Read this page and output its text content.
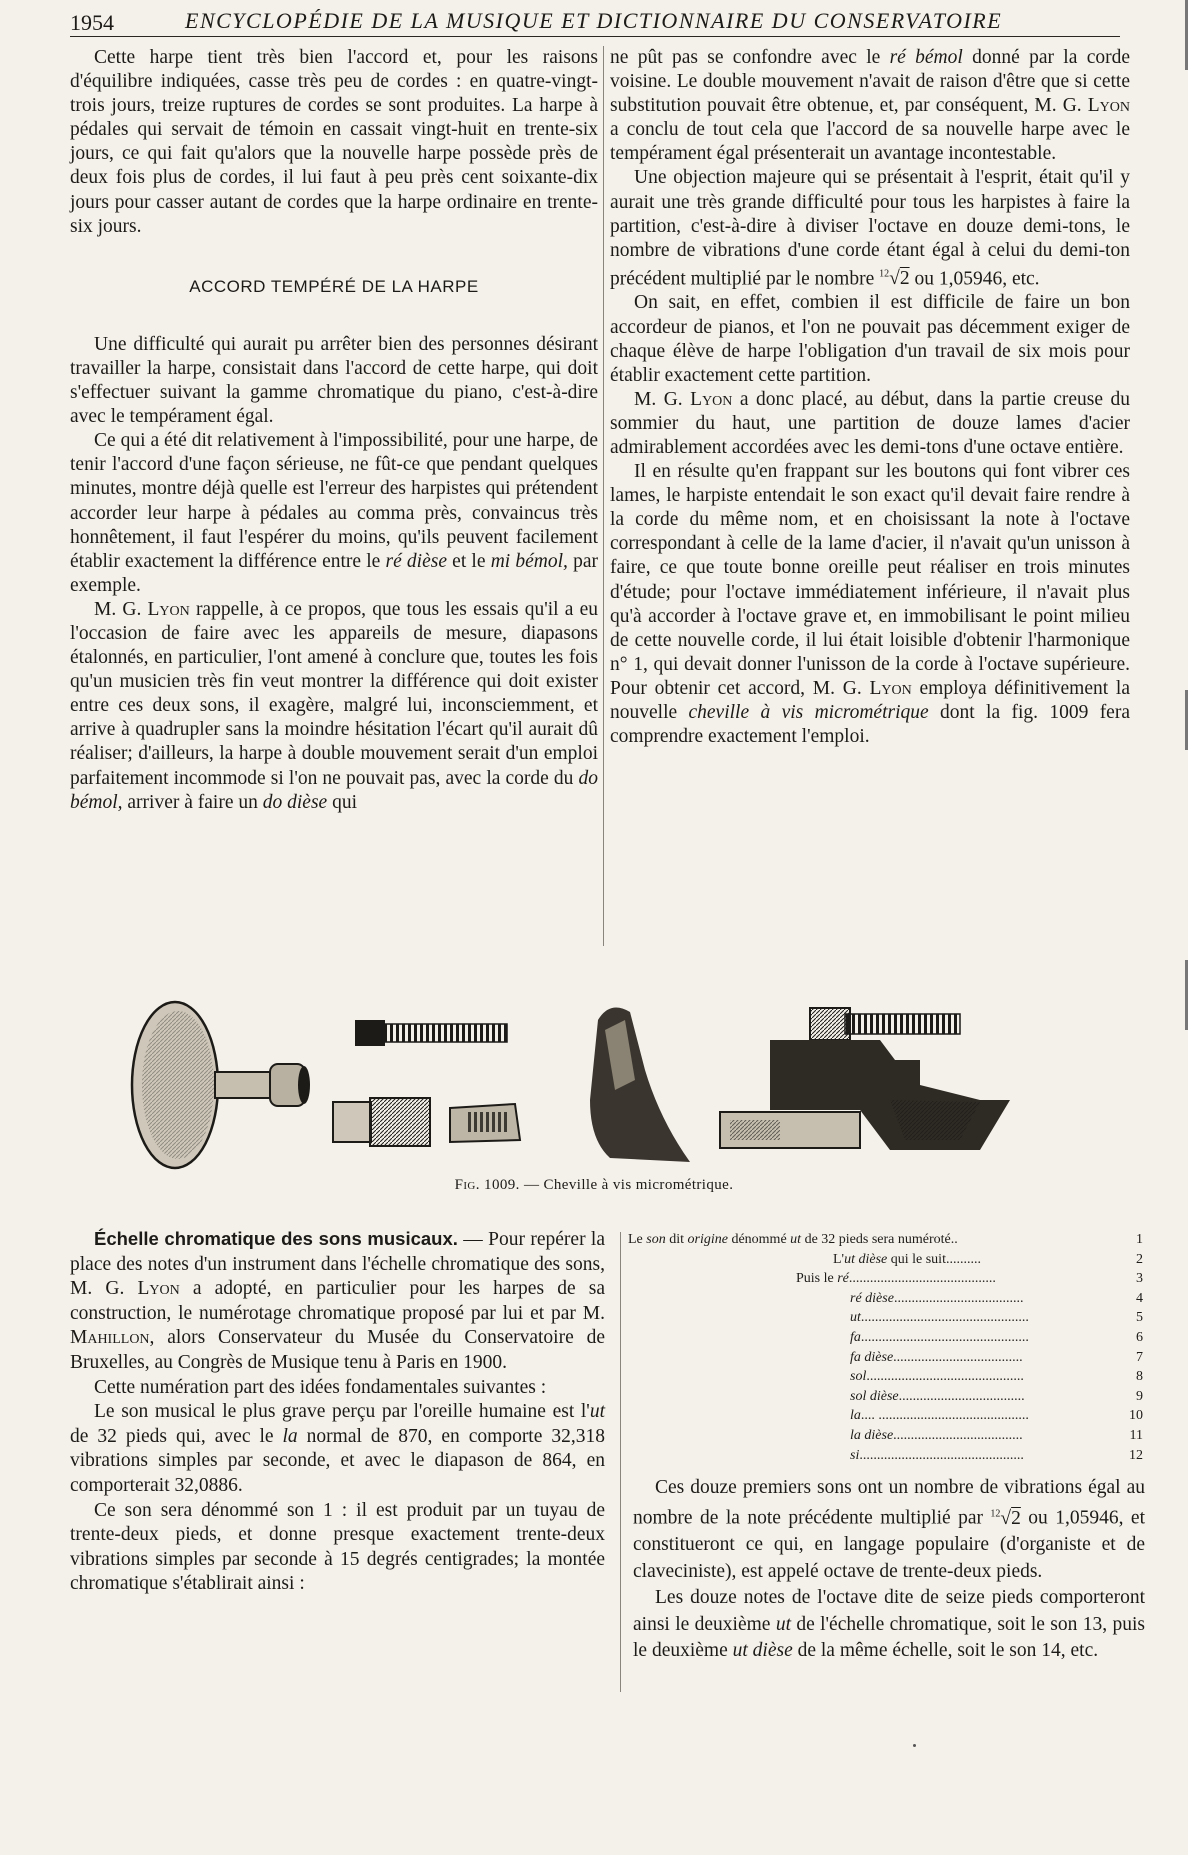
1954	ENCYCLOPÉDIE DE LA MUSIQUE ET DICTIONNAIRE DU CONSERVATOIRE

Cette harpe tient très bien l'accord et, pour les raisons d'équilibre indiquées, casse très peu de cordes : en quatre-vingt-trois jours, treize ruptures de cordes se sont produites. La harpe à pédales qui servait de témoin en cassait vingt-huit en trente-six jours, ce qui fait qu'alors que la nouvelle harpe possède près de deux fois plus de cordes, il lui faut à peu près cent soixante-dix jours pour casser autant de cordes que la harpe ordinaire en trente-six jours.

ACCORD TEMPÉRÉ DE LA HARPE

Une difficulté qui aurait pu arrêter bien des personnes désirant travailler la harpe, consistait dans l'accord de cette harpe, qui doit s'effectuer suivant la gamme chromatique du piano, c'est-à-dire avec le tempérament égal.

Ce qui a été dit relativement à l'impossibilité, pour une harpe, de tenir l'accord d'une façon sérieuse, ne fût-ce que pendant quelques minutes, montre déjà quelle est l'erreur des harpistes qui prétendent accorder leur harpe à pédales au comma près, convaincus très honnêtement, il faut l'espérer du moins, qu'ils peuvent facilement établir exactement la différence entre le ré dièse et le mi bémol, par exemple.

M. G. Lyon rappelle, à ce propos, que tous les essais qu'il a eu l'occasion de faire avec les appareils de mesure, diapasons étalonnés, en particulier, l'ont amené à conclure que, toutes les fois qu'un musicien très fin veut montrer la différence qui doit exister entre ces deux sons, il exagère, malgré lui, inconsciemment, et arrive à quadrupler sans la moindre hésitation l'écart qu'il aurait dû réaliser; d'ailleurs, la harpe à double mouvement serait d'un emploi parfaitement incommode si l'on ne pouvait pas, avec la corde du do bémol, arriver à faire un do dièse qui

ne pût pas se confondre avec le ré bémol donné par la corde voisine. Le double mouvement n'avait de raison d'être que si cette substitution pouvait être obtenue, et, par conséquent, M. G. Lyon a conclu de tout cela que l'accord de sa nouvelle harpe avec le tempérament égal présenterait un avantage incontestable.

Une objection majeure qui se présentait à l'esprit, était qu'il y aurait une très grande difficulté pour tous les harpistes à faire la partition, c'est-à-dire à diviser l'octave en douze demi-tons, le nombre de vibrations d'une corde étant égal à celui du demi-ton précédent multiplié par le nombre $^{12}$√2 ou 1,05946, etc.

On sait, en effet, combien il est difficile de faire un bon accordeur de pianos, et l'on ne pouvait pas décemment exiger de chaque élève de harpe l'obligation d'un travail de six mois pour établir exactement cette partition.

M. G. Lyon a donc placé, au début, dans la partie creuse du sommier du haut, une partition de douze lames d'acier admirablement accordées avec les demi-tons d'une octave entière.

Il en résulte qu'en frappant sur les boutons qui font vibrer ces lames, le harpiste entendait le son exact qu'il devait faire rendre à la corde du même nom, et en choisissant la note à l'octave correspondant à celle de la lame d'acier, il n'avait qu'un unisson à faire, ce que toute bonne oreille peut réaliser en trois minutes d'étude; pour l'octave immédiatement inférieure, il n'avait plus qu'à accorder à l'octave grave et, en immobilisant le point milieu de cette nouvelle corde, il lui était loisible d'obtenir l'harmonique n° 1, qui devait donner l'unisson de la corde à l'octave supérieure. Pour obtenir cet accord, M. G. Lyon employa définitivement la nouvelle cheville à vis micrométrique dont la fig. 1009 fera comprendre exactement l'emploi.

Fig. 1009. — Cheville à vis micrométrique.

Échelle chromatique des sons musicaux. — Pour repérer la place des notes d'un instrument dans l'échelle chromatique des sons, M. G. Lyon a adopté, en particulier pour les harpes de sa construction, le numérotage chromatique proposé par lui et par M. Mahillon, alors Conservateur du Musée du Conservatoire de Bruxelles, au Congrès de Musique tenu à Paris en 1900.

Cette numération part des idées fondamentales suivantes :

Le son musical le plus grave perçu par l'oreille humaine est l'ut de 32 pieds qui, avec le la normal de 870, en comporte 32,318 vibrations simples par seconde, et avec le diapason de 864, en comporterait 32,0886.

Ce son sera dénommé son 1 : il est produit par un tuyau de trente-deux pieds, et donne presque exactement trente-deux vibrations simples par seconde à 15 degrés centigrades; la montée chromatique s'établirait ainsi :

Le son dit origine dénommé ut de 32 pieds sera numéroté..	1
L'ut dièse qui le suit..........	2
Puis le ré..........................................	3
ré dièse.....................................	4
ut................................................	5
fa................................................	6
fa dièse.....................................	7
sol.............................................	8
sol dièse....................................	9
la.... ...........................................	10
la dièse.....................................	11
si...............................................	12

Ces douze premiers sons ont un nombre de vibrations égal au nombre de la note précédente multiplié par $^{12}$√2 ou 1,05946, et constitueront ce qui, en langage populaire (d'organiste et de claveciniste), est appelé octave de trente-deux pieds.

Les douze notes de l'octave dite de seize pieds comporteront ainsi le deuxième ut de l'échelle chromatique, soit le son 13, puis le deuxième ut dièse de la même échelle, soit le son 14, etc.
